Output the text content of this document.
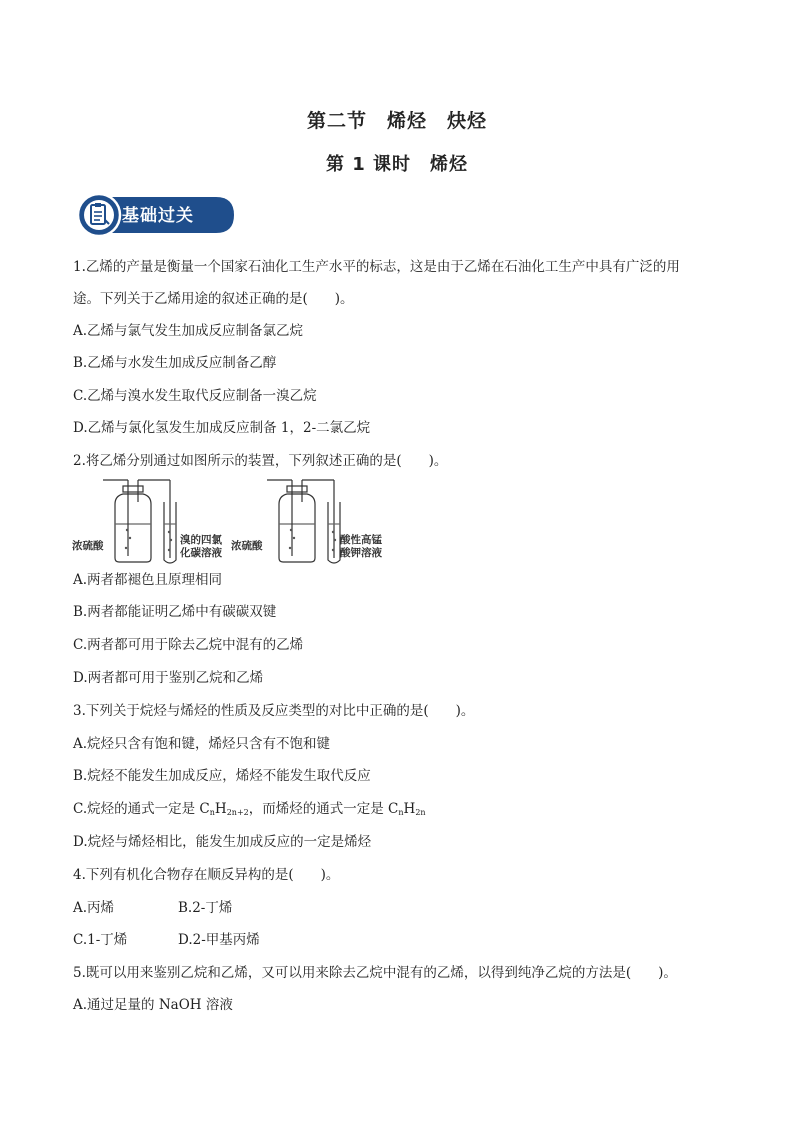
第二节　烯烃　炔烃
第 1 课时　烯烃
基础过关
1.乙烯的产量是衡量一个国家石油化工生产水平的标志，这是由于乙烯在石油化工生产中具有广泛的用
途。下列关于乙烯用途的叙述正确的是(　　)。
A.乙烯与氯气发生加成反应制备氯乙烷
B.乙烯与水发生加成反应制备乙醇
C.乙烯与溴水发生取代反应制备一溴乙烷
D.乙烯与氯化氢发生加成反应制备 1，2-二氯乙烷
2.将乙烯分别通过如图所示的装置，下列叙述正确的是(　　)。
浓硫酸	溴的四氯
化碳溶液
浓硫酸	酸性高锰
酸钾溶液
A.两者都褪色且原理相同
B.两者都能证明乙烯中有碳碳双键
C.两者都可用于除去乙烷中混有的乙烯
D.两者都可用于鉴别乙烷和乙烯
3.下列关于烷烃与烯烃的性质及反应类型的对比中正确的是(　　)。
A.烷烃只含有饱和键，烯烃只含有不饱和键
B.烷烃不能发生加成反应，烯烃不能发生取代反应
C.烷烃的通式一定是 $C_nH_{2n+2}$，而烯烃的通式一定是 $C_nH_{2n}$
D.烷烃与烯烃相比，能发生加成反应的一定是烯烃
4.下列有机化合物存在顺反异构的是(　　)。
A.丙烯	B.2-丁烯
C.1-丁烯	D.2-甲基丙烯
5.既可以用来鉴别乙烷和乙烯，又可以用来除去乙烷中混有的乙烯，以得到纯净乙烷的方法是(　　)。
A.通过足量的 NaOH 溶液
